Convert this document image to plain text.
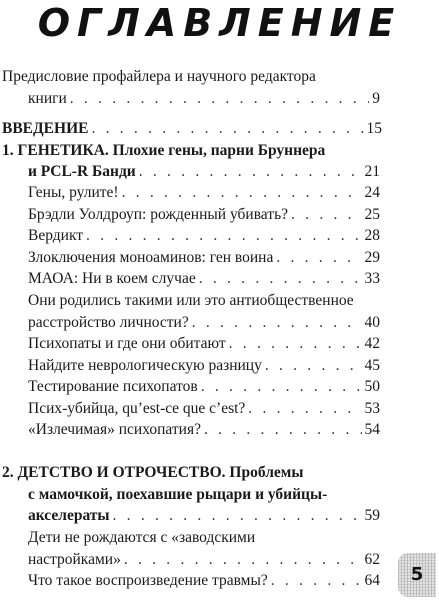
ОГЛАВЛЕНИЕ
Предисловие профайлера и научного редактора
книги . . .	9
ВВЕДЕНИЕ . . .	15
1. ГЕНЕТИКА. Плохие гены, парни Бруннера
и PCL-R Банди . . .	21
Гены, рулите! . . .	24
Брэдли Уолдроуп: рожденный убивать? . . .	25
Вердикт . . .	28
Злоключения моноаминов: ген воина . . .	29
МАОА: Ни в коем случае . . .	33
Они родились такими или это антиобщественное
расстройство личности? . . .	40
Психопаты и где они обитают . . .	42
Найдите неврологическую разницу . . .	45
Тестирование психопатов . . .	50
Псих-убийца, qu’est-ce que c’est? . . .	53
«Излечимая» психопатия? . . .	54
2. ДЕТСТВО И ОТРОЧЕСТВО. Проблемы
с мамочкой, поехавшие рыцари и убийцы-
акселераты . . .	59
Дети не рождаются с «заводскими
настройками» . . .	62
Что такое воспроизведение травмы? . . .	64	5
